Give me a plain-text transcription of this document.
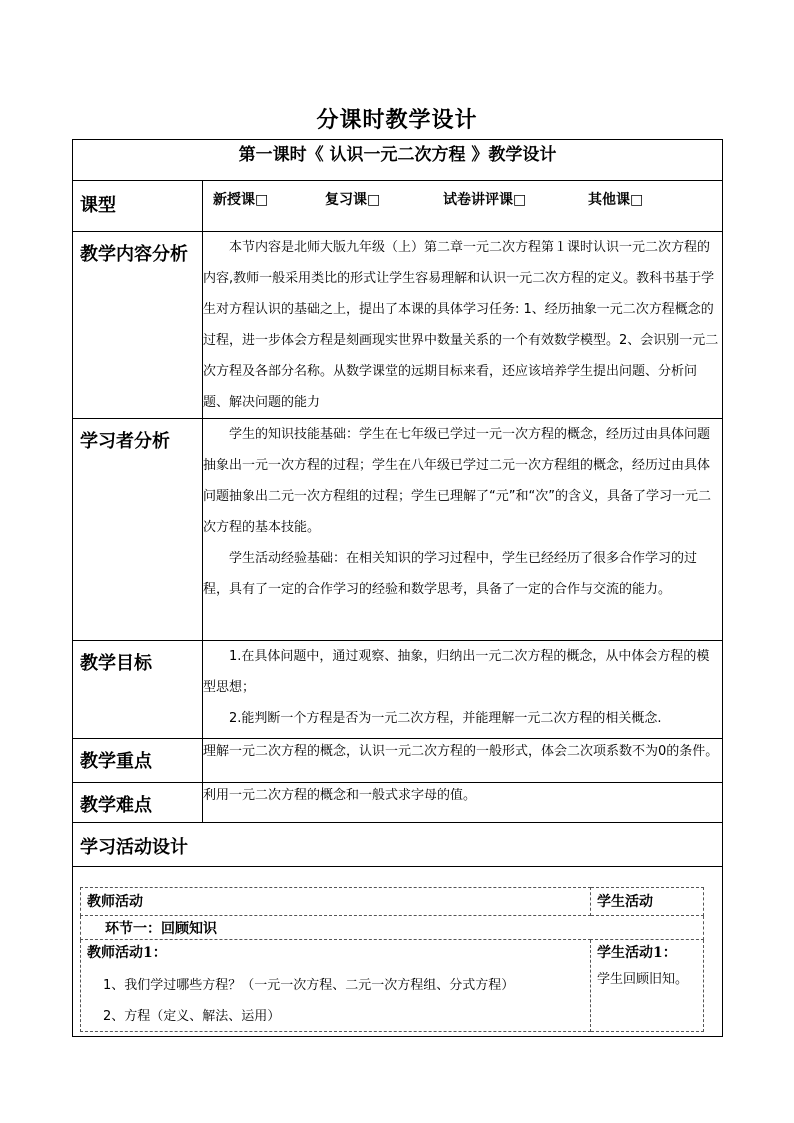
分课时教学设计
第一课时《 认识一元二次方程 》教学设计
课型	新授课□	复习课□	试卷讲评课□	其他课□

教学内容分析	本节内容是北师大版九年级（上）第二章一元二次方程第１课时认识一元二次方程的内容,教师一般采用类比的形式让学生容易理解和认识一元二次方程的定义。教科书基于学生对方程认识的基础之上，提出了本课的具体学习任务: 1、经历抽象一元二次方程概念的过程，进一步体会方程是刻画现实世界中数量关系的一个有效数学模型。2、会识别一元二次方程及各部分名称。从数学课堂的远期目标来看，还应该培养学生提出问题、分析问题、解决问题的能力

学习者分析	学生的知识技能基础：学生在七年级已学过一元一次方程的概念，经历过由具体问题抽象出一元一次方程的过程；学生在八年级已学过二元一次方程组的概念，经历过由具体问题抽象出二元一次方程组的过程；学生已理解了“元”和“次”的含义，具备了学习一元二次方程的基本技能。

学生活动经验基础：在相关知识的学习过程中，学生已经经历了很多合作学习的过程，具有了一定的合作学习的经验和数学思考，具备了一定的合作与交流的能力。

教学目标	1.在具体问题中，通过观察、抽象，归纳出一元二次方程的概念，从中体会方程的模型思想；

2.能判断一个方程是否为一元二次方程，并能理解一元二次方程的相关概念.

教学重点	理解一元二次方程的概念，认识一元二次方程的一般形式，体会二次项系数不为0的条件。

教学难点	利用一元二次方程的概念和一般式求字母的值。

学习活动设计

教师活动	学生活动
环节一：回顾知识

教师活动1：
1、我们学过哪些方程？（一元一次方程、二元一次方程组、分式方程）
2、方程（定义、解法、运用）

学生活动1：
学生回顾旧知。
